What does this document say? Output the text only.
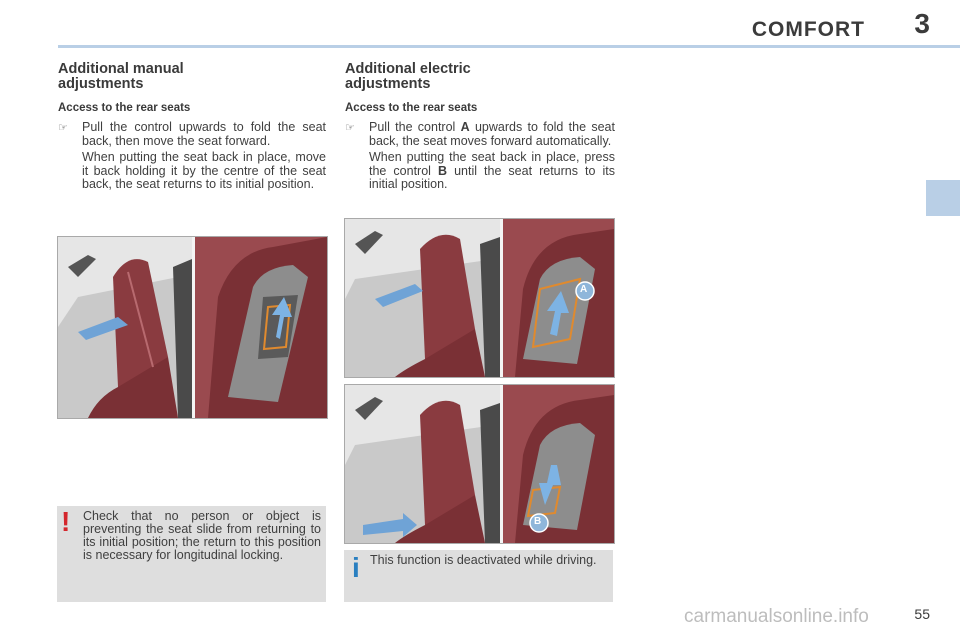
COMFORT 3
Additional manual adjustments
Access to the rear seats
☞ Pull the control upwards to fold the seat back, then move the seat forward.
When putting the seat back in place, move it back holding it by the centre of the seat back, the seat returns to its initial position.
! Check that no person or object is preventing the seat slide from returning to its initial position; the return to this position is necessary for longitudinal locking.
Additional electric adjustments
Access to the rear seats
☞ Pull the control A upwards to fold the seat back, the seat moves forward automatically.
When putting the seat back in place, press the control B until the seat returns to its initial position.
A
B
i This function is deactivated while driving.
55
carmanualsonline.info
